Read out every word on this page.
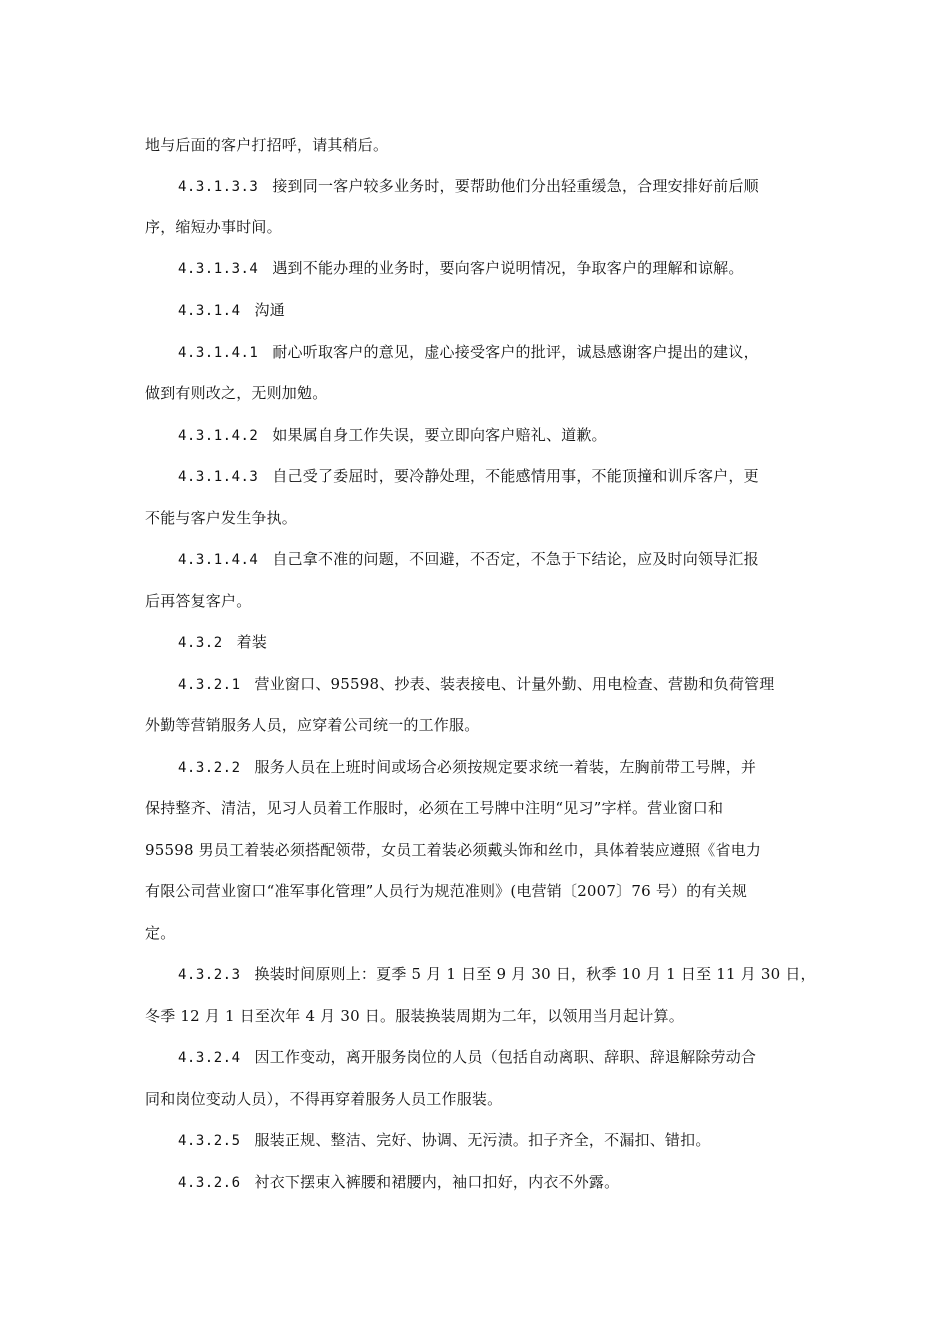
地与后面的客户打招呼，请其稍后。
4.3.1.3.3 接到同一客户较多业务时，要帮助他们分出轻重缓急，合理安排好前后顺
序，缩短办事时间。
4.3.1.3.4 遇到不能办理的业务时，要向客户说明情况，争取客户的理解和谅解。
4.3.1.4 沟通
4.3.1.4.1 耐心听取客户的意见，虚心接受客户的批评，诚恳感谢客户提出的建议，
做到有则改之，无则加勉。
4.3.1.4.2 如果属自身工作失误，要立即向客户赔礼、道歉。
4.3.1.4.3 自己受了委屈时，要冷静处理，不能感情用事，不能顶撞和训斥客户，更
不能与客户发生争执。
4.3.1.4.4 自己拿不准的问题，不回避，不否定，不急于下结论，应及时向领导汇报
后再答复客户。
4.3.2 着装
4.3.2.1 营业窗口、95598、抄表、装表接电、计量外勤、用电检查、营勘和负荷管理
外勤等营销服务人员，应穿着公司统一的工作服。
4.3.2.2 服务人员在上班时间或场合必须按规定要求统一着装，左胸前带工号牌，并
保持整齐、清洁，见习人员着工作服时，必须在工号牌中注明“见习”字样。营业窗口和
95598 男员工着装必须搭配领带，女员工着装必须戴头饰和丝巾，具体着装应遵照《省电力
有限公司营业窗口“准军事化管理”人员行为规范准则》(电营销〔2007〕76 号）的有关规
定。
4.3.2.3 换装时间原则上：夏季 5 月 1 日至 9 月 30 日，秋季 10 月 1 日至 11 月 30 日，
冬季 12 月 1 日至次年 4 月 30 日。服装换装周期为二年，以领用当月起计算。
4.3.2.4 因工作变动，离开服务岗位的人员（包括自动离职、辞职、辞退解除劳动合
同和岗位变动人员），不得再穿着服务人员工作服装。
4.3.2.5 服装正规、整洁、完好、协调、无污渍。扣子齐全，不漏扣、错扣。
4.3.2.6 衬衣下摆束入裤腰和裙腰内，袖口扣好，内衣不外露。
